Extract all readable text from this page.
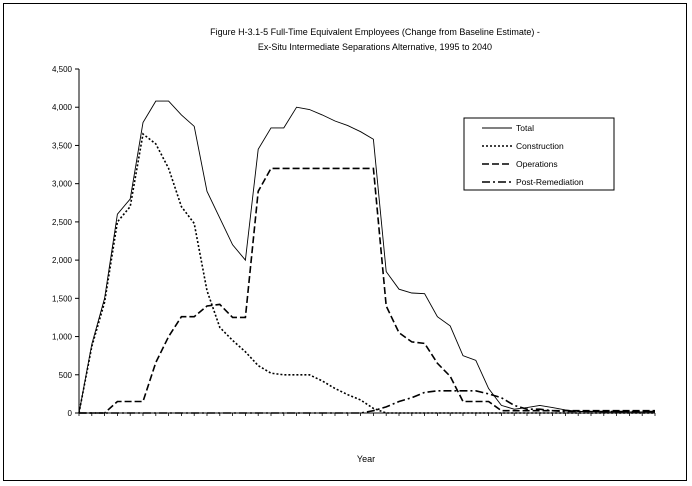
Figure H-3.1-5 Full-Time Equivalent Employees (Change from Baseline Estimate) -
Ex-Situ Intermediate Separations Alternative, 1995 to 2040
0
500
1,000
1,500
2,000
2,500
3,000
3,500
4,000
4,500
Total
Construction
Operations
Post-Remediation
Year
